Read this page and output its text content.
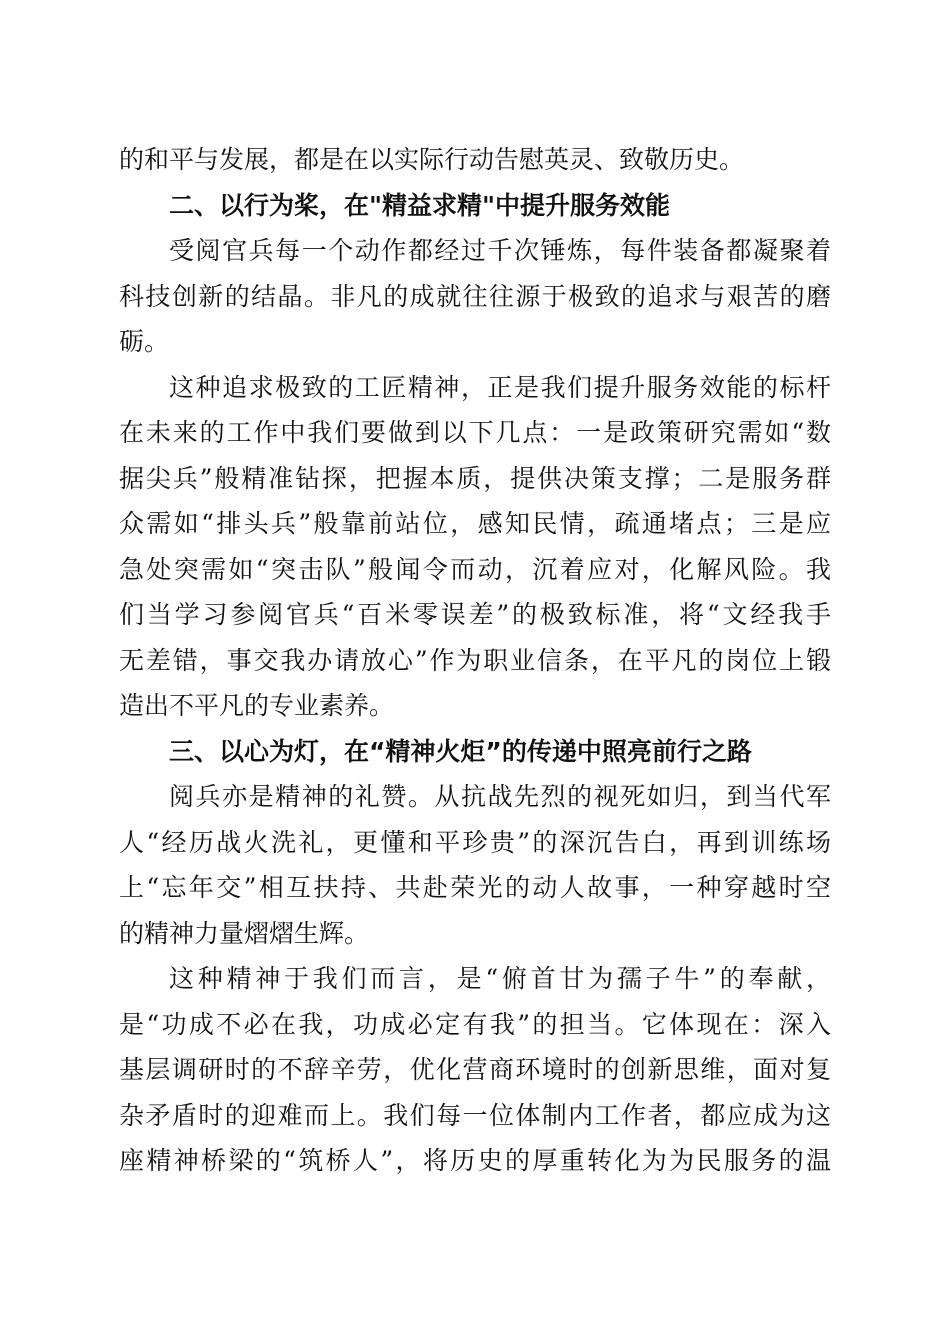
的和平与发展，都是在以实际行动告慰英灵、致敬历史。
二、以行为桨，在"精益求精"中提升服务效能
受阅官兵每一个动作都经过千次锤炼，每件装备都凝聚着
科技创新的结晶。非凡的成就往往源于极致的追求与艰苦的磨
砺。
这种追求极致的工匠精神，正是我们提升服务效能的标杆
在未来的工作中我们要做到以下几点：一是政策研究需如“数
据尖兵”般精准钻探，把握本质，提供决策支撑；二是服务群
众需如“排头兵”般靠前站位，感知民情，疏通堵点；三是应
急处突需如“突击队”般闻令而动，沉着应对，化解风险。我
们当学习参阅官兵“百米零误差”的极致标准，将“文经我手
无差错，事交我办请放心”作为职业信条，在平凡的岗位上锻
造出不平凡的专业素养。
三、以心为灯，在“精神火炬”的传递中照亮前行之路
阅兵亦是精神的礼赞。从抗战先烈的视死如归，到当代军
人“经历战火洗礼，更懂和平珍贵”的深沉告白，再到训练场
上“忘年交”相互扶持、共赴荣光的动人故事，一种穿越时空
的精神力量熠熠生辉。
这种精神于我们而言，是“俯首甘为孺子牛”的奉献，
是“功成不必在我，功成必定有我”的担当。它体现在：深入
基层调研时的不辞辛劳，优化营商环境时的创新思维，面对复
杂矛盾时的迎难而上。我们每一位体制内工作者，都应成为这
座精神桥梁的“筑桥人”，将历史的厚重转化为为民服务的温
